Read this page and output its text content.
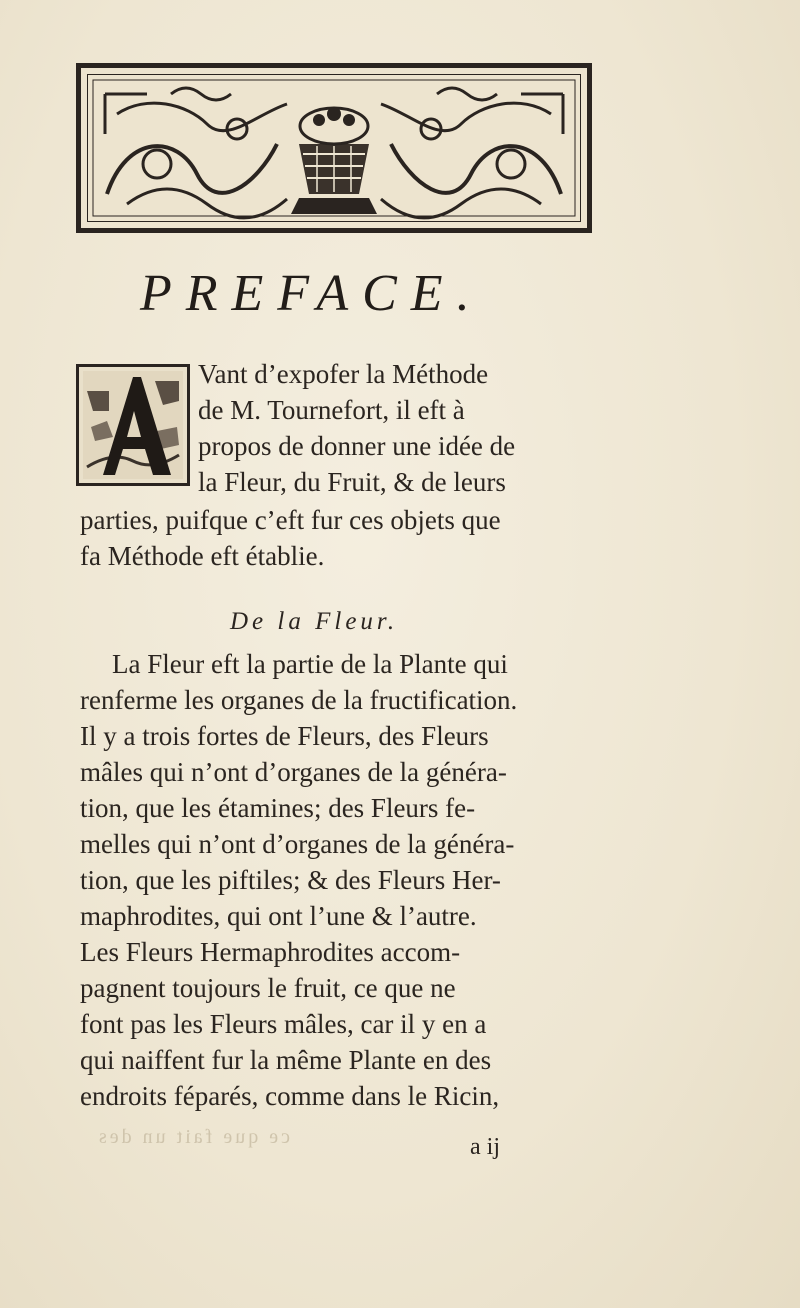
PREFACE.
Vant d’expofer la Méthode
de M. Tournefort, il eft à
propos de donner une idée de
la Fleur, du Fruit, & de leurs
parties, puifque c’eft fur ces objets que
fa Méthode eft établie.
De la Fleur.
La Fleur eft la partie de la Plante qui
renferme les organes de la fructification.
Il y a trois fortes de Fleurs, des Fleurs
mâles qui n’ont d’organes de la généra-
tion, que les étamines; des Fleurs fe-
melles qui n’ont d’organes de la généra-
tion, que les piftiles; & des Fleurs Her-
maphrodites, qui ont l’une & l’autre.
Les Fleurs Hermaphrodites accom-
pagnent toujours le fruit, ce que ne
font pas les Fleurs mâles, car il y en a
qui naiffent fur la même Plante en des
endroits féparés, comme dans le Ricin,
ce que fait un des	a ij
